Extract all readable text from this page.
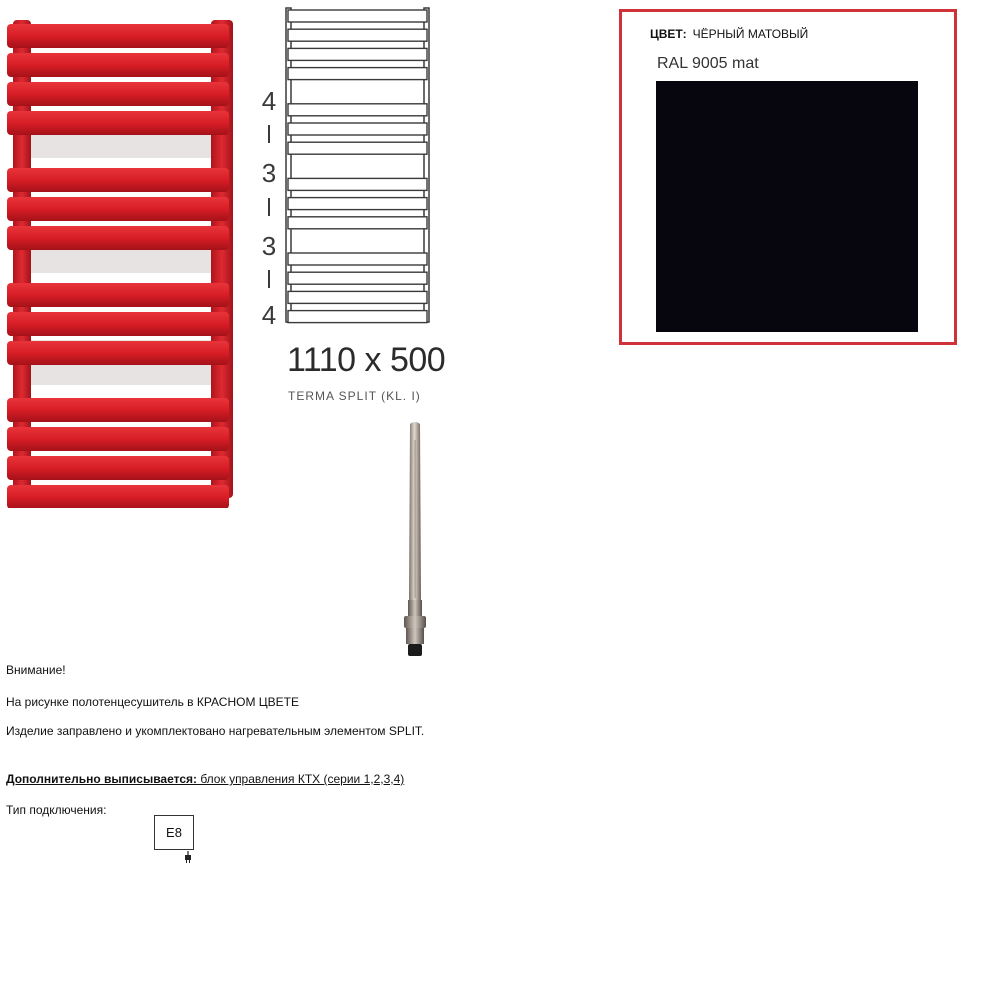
4
3
3
4
1110 x 500
TERMA SPLIT (KL. I)
ЦВЕТ: ЧЁРНЫЙ МАТОВЫЙ
RAL 9005 mat
Внимание!
На рисунке полотенцесушитель в КРАСНОМ ЦВЕТЕ
Изделие заправлено и укомплектовано нагревательным элементом SPLIT.
Дополнительно выписывается: блок управления КТХ (серии 1,2,3,4)
Тип подключения:
E8
